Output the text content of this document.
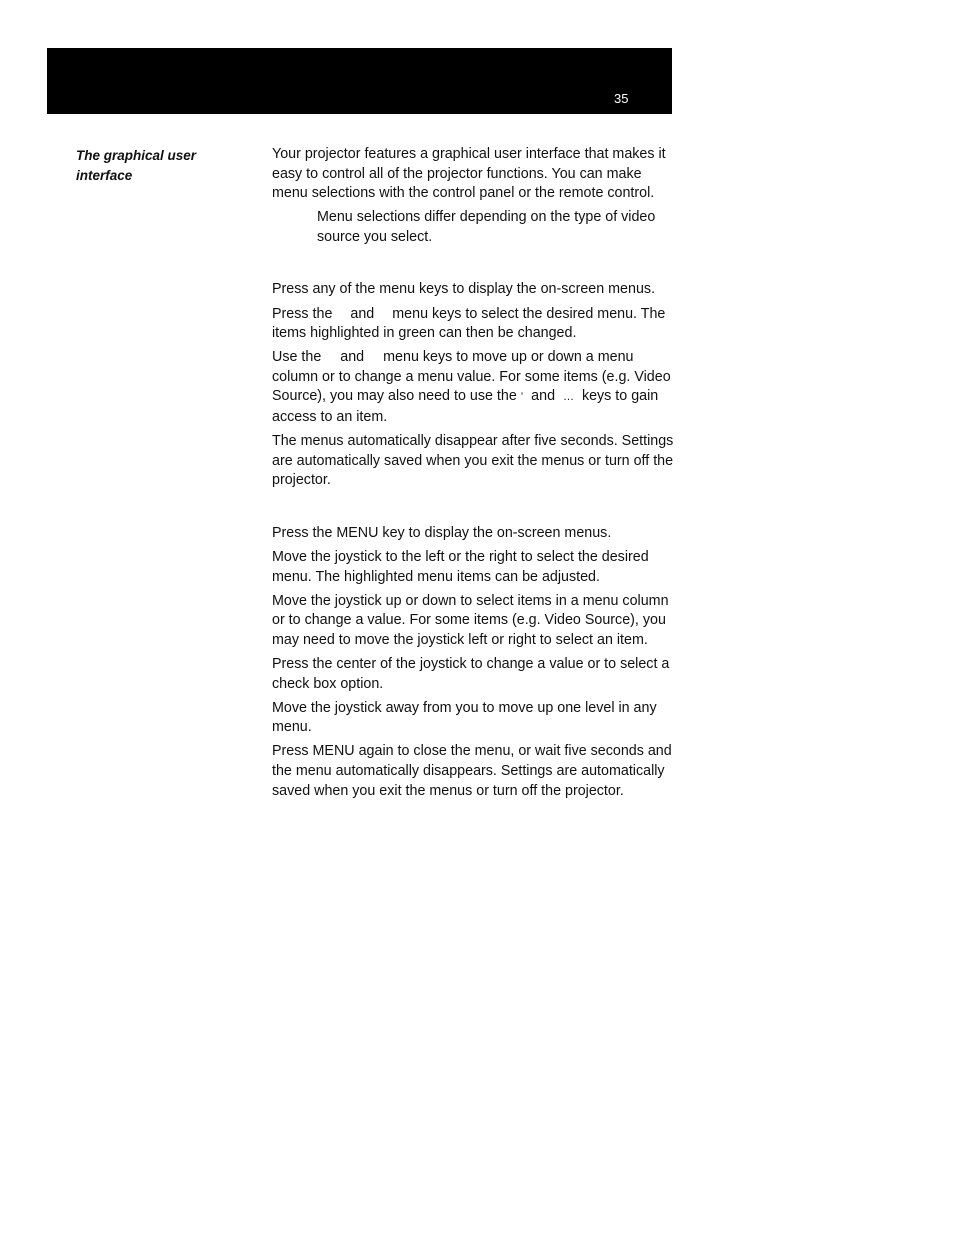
35
The graphical user interface

Your projector features a graphical user interface that makes it easy to control all of the projector functions. You can make menu selections with the control panel or the remote control.

Menu selections differ depending on the type of video source you select.

Press any of the menu keys to display the on-screen menus.

Press the and menu keys to select the desired menu. The items highlighted in green can then be changed.

Use the and menu keys to move up or down a menu column or to change a menu value. For some items (e.g. Video Source), you may also need to use the ’ and … keys to gain access to an item.

The menus automatically disappear after five seconds. Settings are automatically saved when you exit the menus or turn off the projector.

Press the MENU key to display the on-screen menus.

Move the joystick to the left or the right to select the desired menu. The highlighted menu items can be adjusted.

Move the joystick up or down to select items in a menu column or to change a value. For some items (e.g. Video Source), you may need to move the joystick left or right to select an item.

Press the center of the joystick to change a value or to select a check box option.

Move the joystick away from you to move up one level in any menu.

Press MENU again to close the menu, or wait five seconds and the menu automatically disappears. Settings are automatically saved when you exit the menus or turn off the projector.
